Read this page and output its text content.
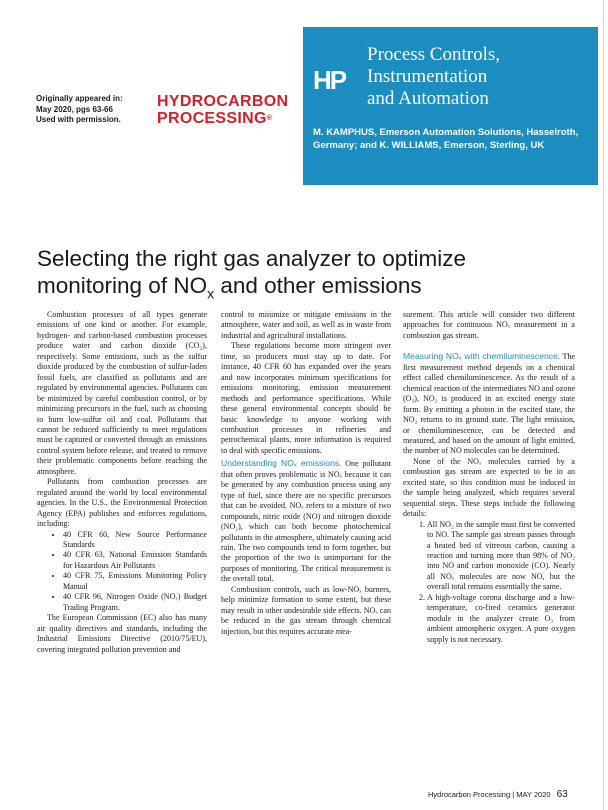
Originally appeared in:
May 2020, pgs 63-66
Used with permission.
HYDROCARBON
PROCESSING®
HP
Process Controls,
Instrumentation
and Automation
M. KAMPHUS, Emerson Automation Solutions, Hasselroth, Germany; and K. WILLIAMS, Emerson, Sterling, UK
Selecting the right gas analyzer to optimize
monitoring of $NO_x$ and other emissions

Combustion processes of all types generate emissions of one kind or another. For example, hydrogen- and carbon-based combustion processes produce water and carbon dioxide (CO₂), respectively. Some emissions, such as the sulfur dioxide produced by the combustion of sulfur-laden fossil fuels, are classified as pollutants and are regulated by environmental agencies. Pollutants can be minimized by careful combustion control, or by minimizing precursors in the fuel, such as choosing to burn low-sulfur oil and coal. Pollutants that cannot be reduced sufficiently to meet regulations must be captured or converted through an emissions control system before release, and treated to remove their problematic components before reaching the atmosphere.

Pollutants from combustion processes are regulated around the world by local environmental agencies. In the U.S., the Environmental Protection Agency (EPA) publishes and enforces regulations, including:

• 40 CFR 60, New Source Performance Standards
• 40 CFR 63, National Emission Standards for Hazardous Air Pollutants
• 40 CFR 75, Emissions Monitoring Policy Manual
• 40 CFR 96, Nitrogen Oxide (NOₓ) Budget Trading Program.

The European Commission (EC) also has many air quality directives and standards, including the Industrial Emissions Directive (2010/75/EU), covering integrated pollution prevention and

control to minimize or mitigate emissions in the atmosphere, water and soil, as well as in waste from industrial and agricultural installations.

These regulations become more stringent over time, so producers must stay up to date. For instance, 40 CFR 60 has expanded over the years and now incorporates minimum specifications for emissions monitoring, emission measurement methods and performance specifications. While these general environmental concepts should be basic knowledge to anyone working with combustion processes in refineries and petrochemical plants, more information is required to deal with specific emissions.

Understanding NOₓ emissions. One pollutant that often proves problematic is NOₓ because it can be generated by any combustion process using any type of fuel, since there are no specific precursors that can be avoided. NOₓ refers to a mixture of two compounds, nitric oxide (NO) and nitrogen dioxide (NO₂), which can both become photochemical pollutants in the atmosphere, ultimately causing acid rain. The two compounds tend to form together, but the proportion of the two is unimportant for the purposes of monitoring. The critical measurement is the overall total.

Combustion controls, such as low-NOₓ burners, help minimize formation to some extent, but these may result in other undesirable side effects. NOₓ can be reduced in the gas stream through chemical injection, but this requires accurate mea-

surement. This article will consider two different approaches for continuous NOₓ measurement in a combustion gas stream.

Measuring NOₓ with chemiluminescence. The first measurement method depends on a chemical effect called chemiluminescence. As the result of a chemical reaction of the intermediates NO and ozone (O₃), NO₂ is produced in an excited energy state form. By emitting a photon in the excited state, the NO₂ returns to its ground state. The light emission, or chemiluminescence, can be detected and measured, and based on the amount of light emitted, the number of NO molecules can be determined.

None of the NOₓ molecules carried by a combustion gas stream are expected to be in an excited state, so this condition must be induced in the sample being analyzed, which requires several sequential steps. These steps include the following details:

1. All NO₂ in the sample must first be converted to NO. The sample gas stream passes through a heated bed of vitreous carbon, causing a reaction and turning more than 98% of NO₂ into NO and carbon monoxide (CO). Nearly all NOₓ molecules are now NO, but the overall total remains essentially the same.
2. A high-voltage corona discharge and a low-temperature, co-fired ceramics generator module in the analyzer create O₃ from ambient atmospheric oxygen. A pure oxygen supply is not necessary.
Hydrocarbon Processing | MAY 2020 63
